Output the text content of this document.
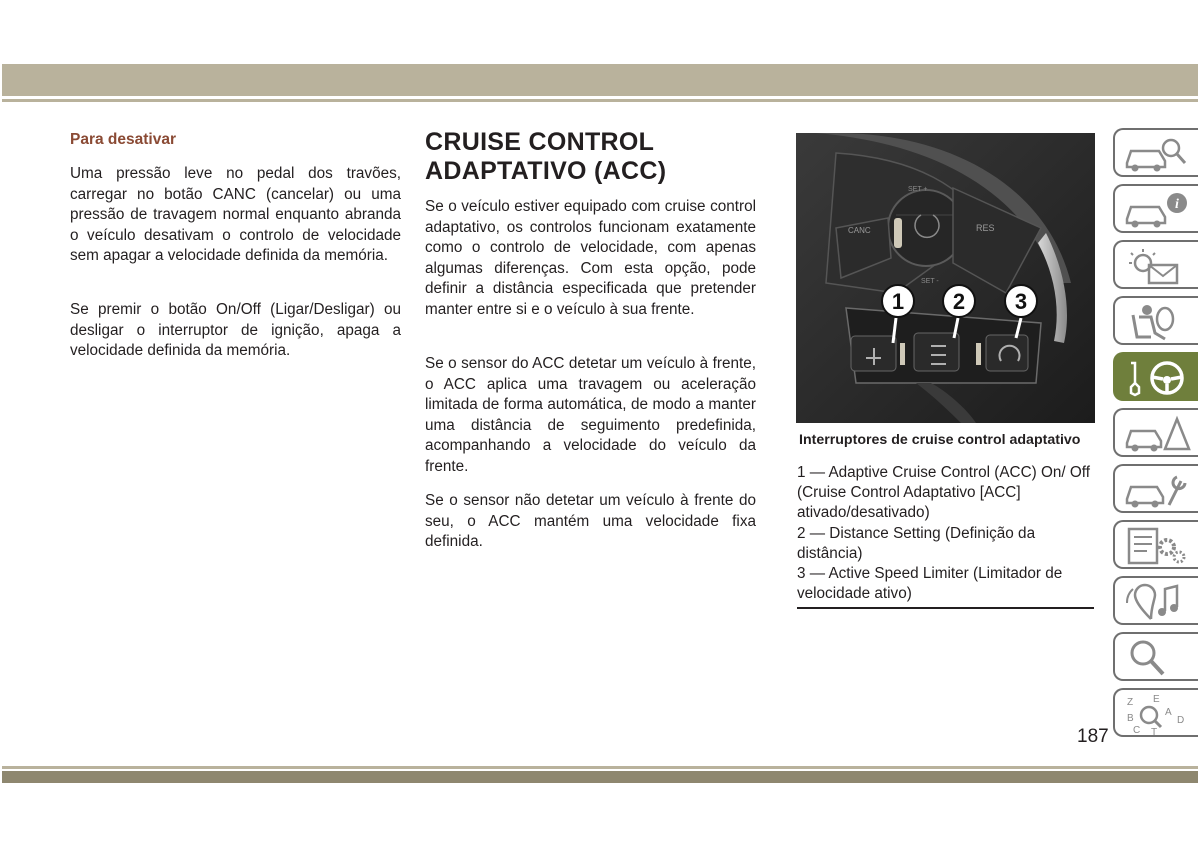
Para desativar

Uma pressão leve no pedal dos travões, carregar no botão CANC (cancelar) ou uma pressão de travagem normal enquanto abranda o veículo desativam o controlo de velocidade sem apagar a velocidade definida da memória.

Se premir o botão On/Off (Ligar/Desligar) ou desligar o interruptor de ignição, apaga a velocidade definida da memória.

CRUISE CONTROL ADAPTATIVO (ACC)

Se o veículo estiver equipado com cruise control adaptativo, os controlos funcionam exatamente como o controlo de velocidade, com apenas algumas diferenças. Com esta opção, pode definir a distância especificada que pretender manter entre si e o veículo à sua frente.

Se o sensor do ACC detetar um veículo à frente, o ACC aplica uma travagem ou aceleração limitada de forma automática, de modo a manter uma distância de seguimento predefinida, acompanhando a velocidade do veículo da frente.

Se o sensor não detetar um veículo à frente do seu, o ACC mantém uma velocidade fixa definida.

CANC	RES
SET +
SET -
1 2 3
Interruptores de cruise control adaptativo
1 — Adaptive Cruise Control (ACC) On/ Off (Cruise Control Adaptativo [ACC] ativado/desativado)
2 — Distance Setting (Definição da distância)
3 — Active Speed Limiter (Limitador de velocidade ativo)
i
Z E
A
D
B
C T
187
